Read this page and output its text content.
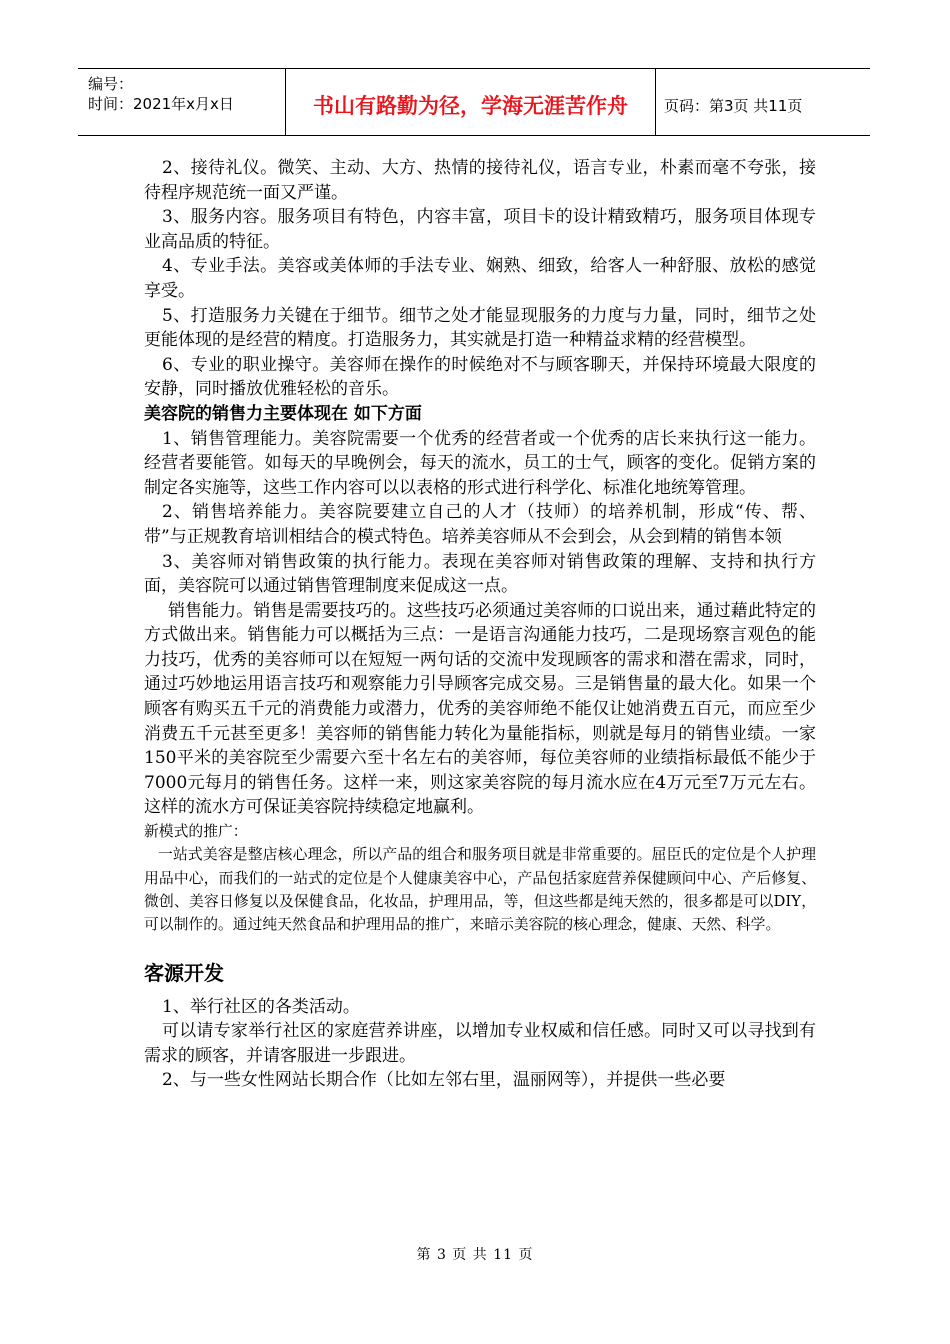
编号：
时间：2021年x月x日	书山有路勤为径，学海无涯苦作舟	页码：第3页 共11页

2、接待礼仪。微笑、主动、大方、热情的接待礼仪，语言专业，朴素而毫不夸张，接待程序规范统一面又严谨。

3、服务内容。服务项目有特色，内容丰富，项目卡的设计精致精巧，服务项目体现专业高品质的特征。

4、专业手法。美容或美体师的手法专业、娴熟、细致，给客人一种舒服、放松的感觉享受。

5、打造服务力关键在于细节。细节之处才能显现服务的力度与力量，同时，细节之处更能体现的是经营的精度。打造服务力，其实就是打造一种精益求精的经营模型。

6、专业的职业操守。美容师在操作的时候绝对不与顾客聊天，并保持环境最大限度的安静，同时播放优雅轻松的音乐。

美容院的销售力主要体现在 如下方面

1、销售管理能力。美容院需要一个优秀的经营者或一个优秀的店长来执行这一能力。经营者要能管。如每天的早晚例会，每天的流水，员工的士气，顾客的变化。促销方案的制定各实施等，这些工作内容可以以表格的形式进行科学化、标准化地统筹管理。

2、销售培养能力。美容院要建立自己的人才（技师）的培养机制，形成“传、帮、带”与正规教育培训相结合的模式特色。培养美容师从不会到会，从会到精的销售本领

3、美容师对销售政策的执行能力。表现在美容师对销售政策的理解、支持和执行方面，美容院可以通过销售管理制度来促成这一点。

销售能力。销售是需要技巧的。这些技巧必须通过美容师的口说出来，通过藉此特定的方式做出来。销售能力可以概括为三点：一是语言沟通能力技巧，二是现场察言观色的能力技巧，优秀的美容师可以在短短一两句话的交流中发现顾客的需求和潜在需求，同时，通过巧妙地运用语言技巧和观察能力引导顾客完成交易。三是销售量的最大化。如果一个顾客有购买五千元的消费能力或潜力，优秀的美容师绝不能仅让她消费五百元，而应至少消费五千元甚至更多！美容师的销售能力转化为量能指标，则就是每月的销售业绩。一家150平米的美容院至少需要六至十名左右的美容师，每位美容师的业绩指标最低不能少于7000元每月的销售任务。这样一来，则这家美容院的每月流水应在4万元至7万元左右。这样的流水方可保证美容院持续稳定地赢利。

新模式的推广：

一站式美容是整店核心理念，所以产品的组合和服务项目就是非常重要的。屈臣氏的定位是个人护理用品中心，而我们的一站式的定位是个人健康美容中心，产品包括家庭营养保健顾问中心、产后修复、微创、美容日修复以及保健食品，化妆品，护理用品，等，但这些都是纯天然的，很多都是可以DIY，可以制作的。通过纯天然食品和护理用品的推广，来暗示美容院的核心理念，健康、天然、科学。

客源开发

1、举行社区的各类活动。

可以请专家举行社区的家庭营养讲座，以增加专业权威和信任感。同时又可以寻找到有需求的顾客，并请客服进一步跟进。

2、与一些女性网站长期合作（比如左邻右里，温丽网等），并提供一些必要

第 3 页 共 11 页
